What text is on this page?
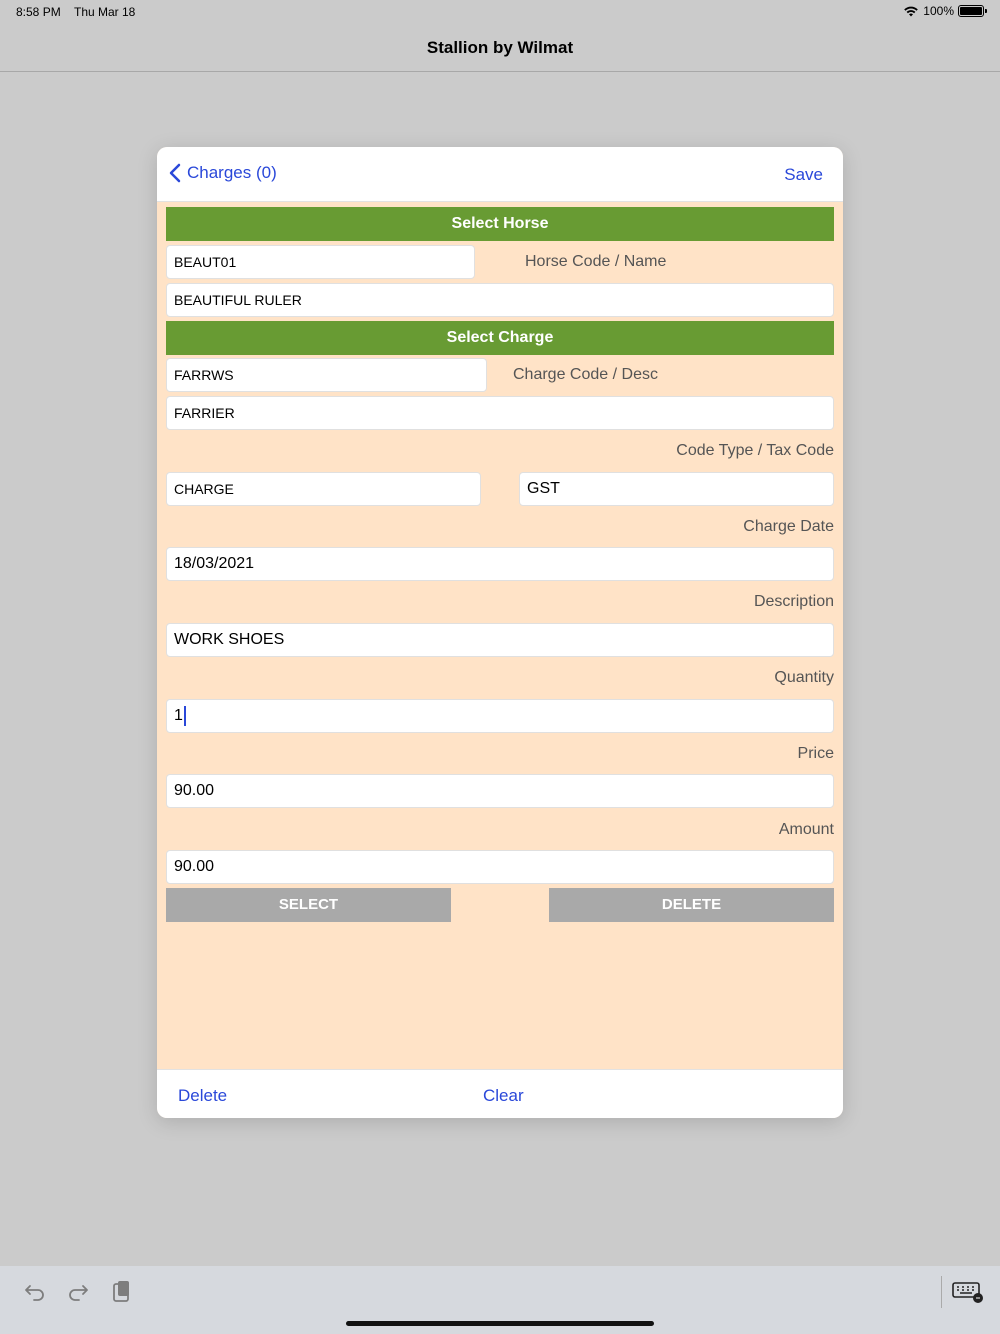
8:58 PM Thu Mar 18	100%
Stallion by Wilmat
Charges (0)	Save
Select Horse
BEAUT01	Horse Code / Name
BEAUTIFUL RULER
Select Charge
FARRWS	Charge Code / Desc
FARRIER
Code Type / Tax Code
CHARGE	GST
Charge Date
18/03/2021
Description
WORK SHOES
Quantity
1
Price
90.00
Amount
90.00
SELECT	DELETE
Delete	Clear
